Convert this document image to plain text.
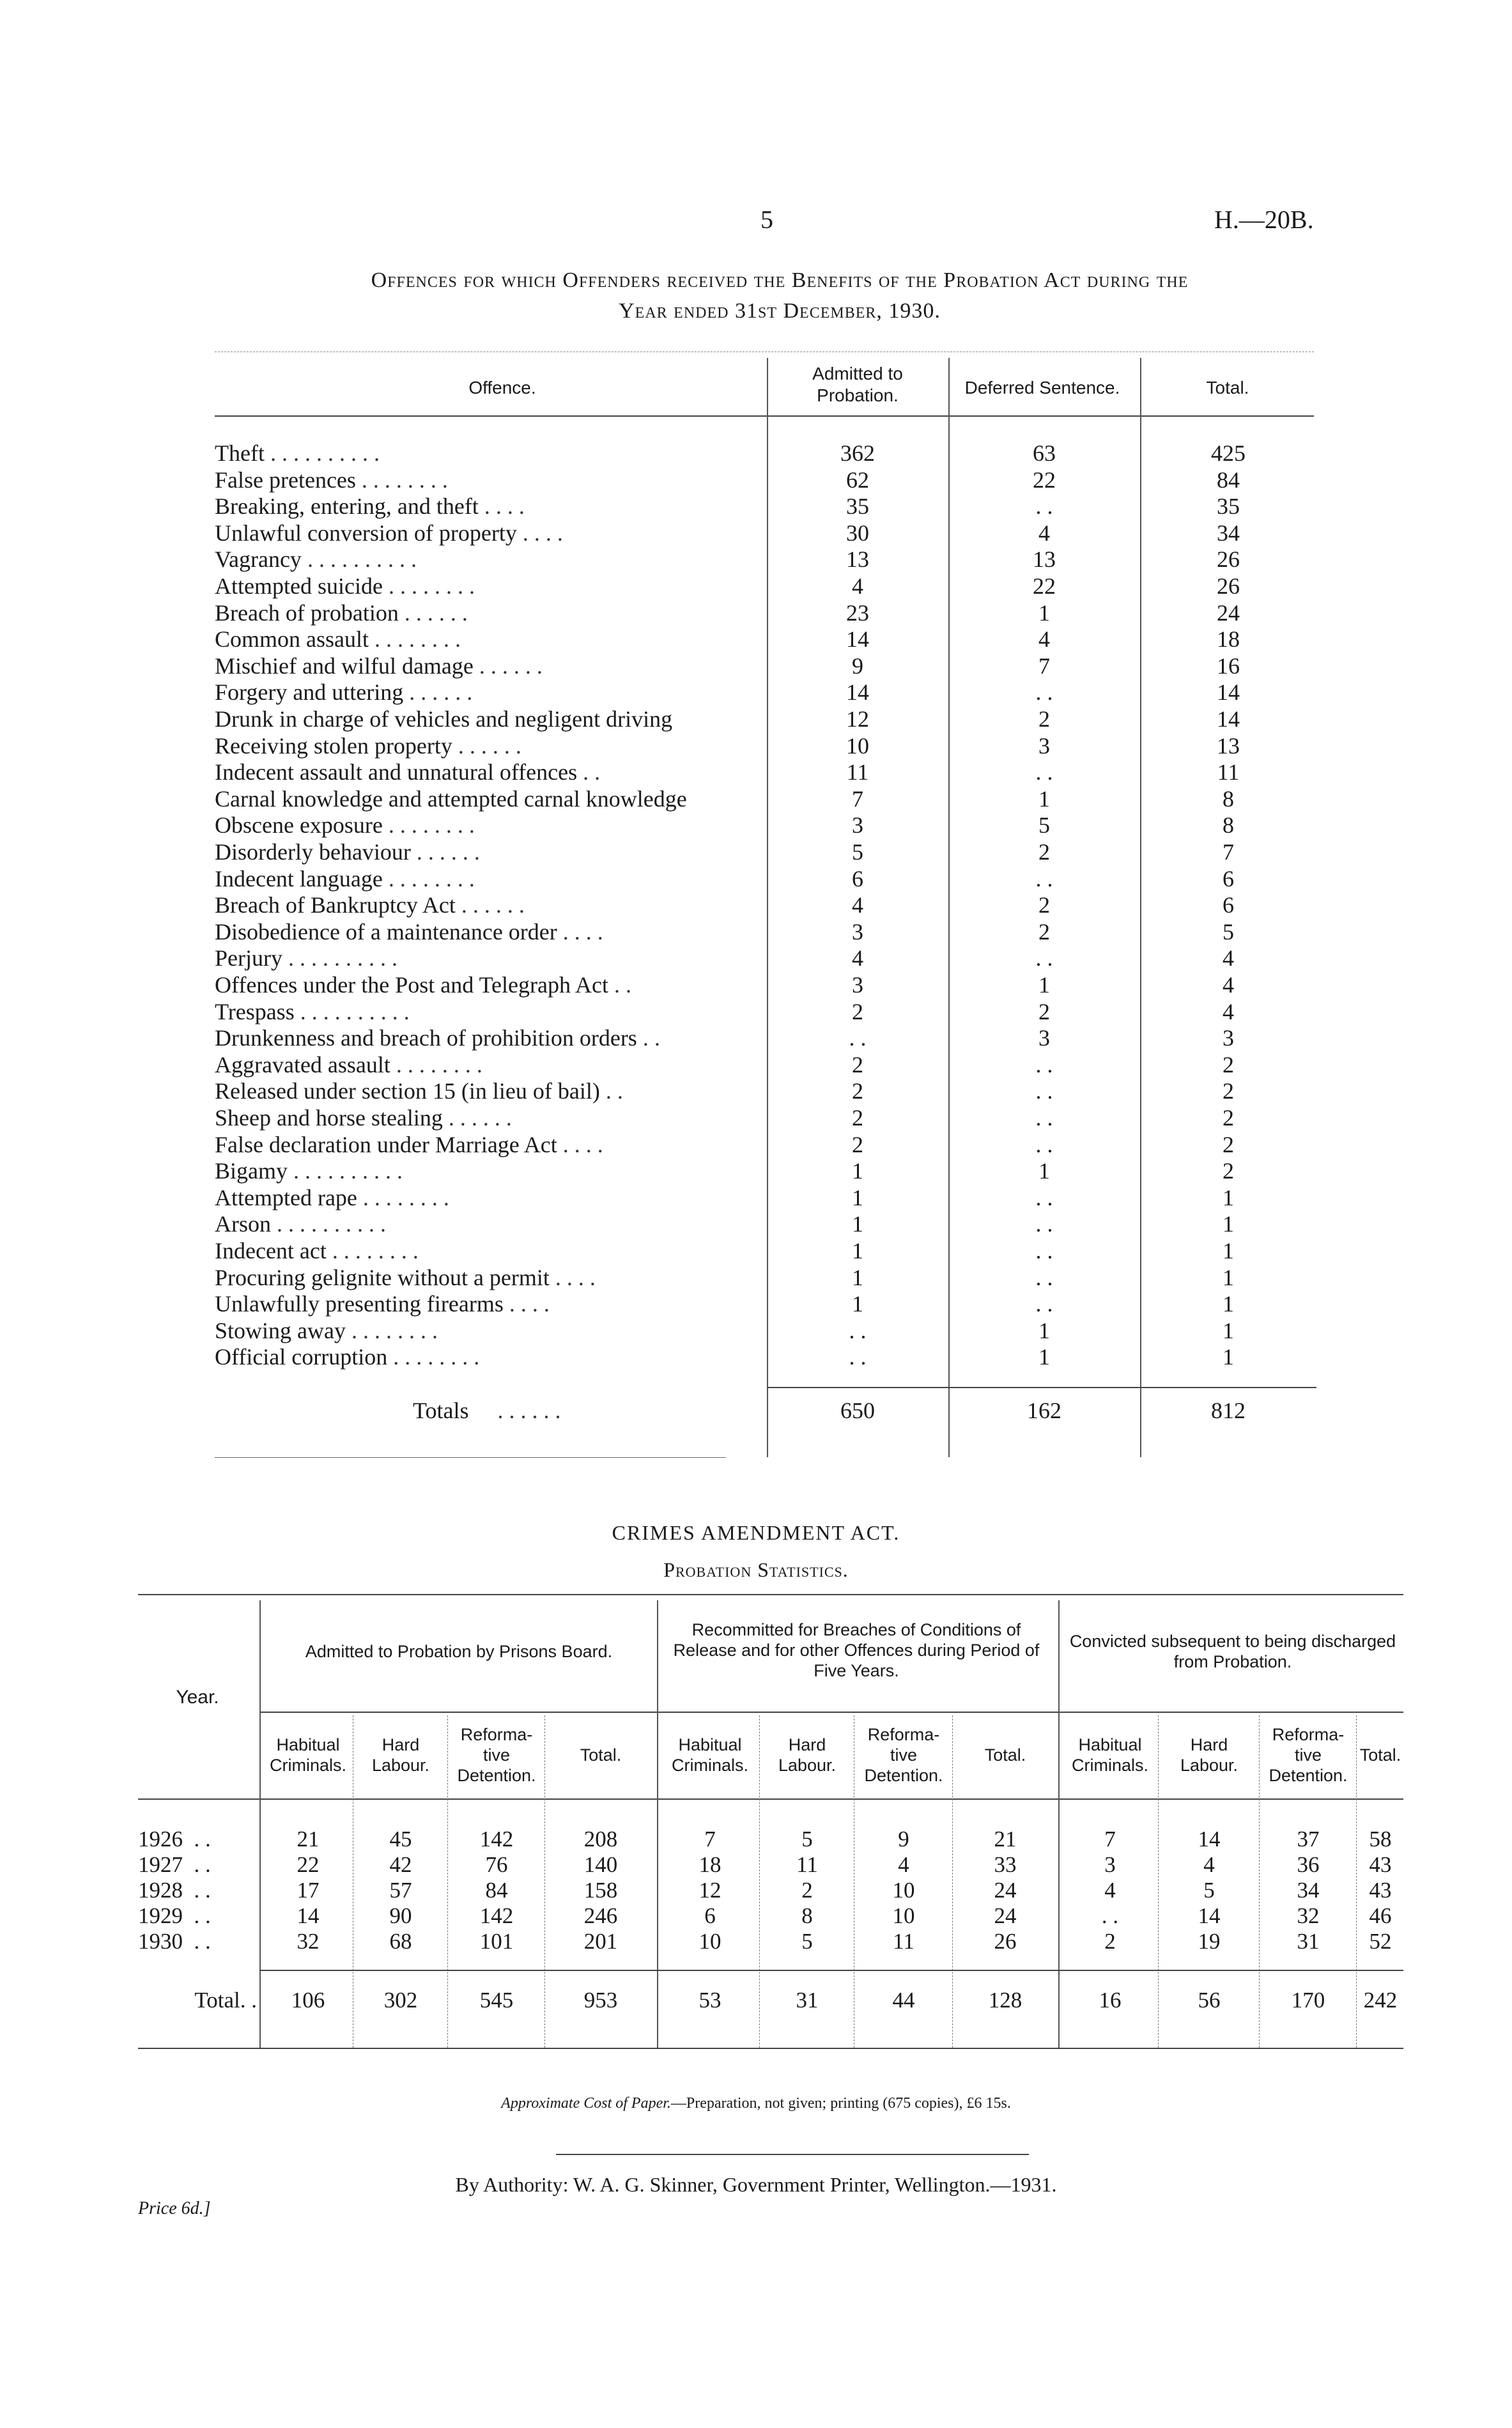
5	H.—20B.
Offences for which Offenders received the Benefits of the Probation Act during the
Year ended 31st December, 1930.
Offence.
Admitted to Probation.	Deferred Sentence.	Total.
Theft . . . . . . . . . .	362	63	425
False pretences . . . . . . . .	62	22	84
Breaking, entering, and theft . . . .	35	. .	35
Unlawful conversion of property . . . .	30	4	34
Vagrancy . . . . . . . . . .	13	13	26
Attempted suicide . . . . . . . .	4	22	26
Breach of probation . . . . . .	23	1	24
Common assault . . . . . . . .	14	4	18
Mischief and wilful damage . . . . . .	9	7	16
Forgery and uttering . . . . . .	14	. .	14
Drunk in charge of vehicles and negligent driving	12	2	14
Receiving stolen property . . . . . .	10	3	13
Indecent assault and unnatural offences . .	11	. .	11
Carnal knowledge and attempted carnal knowledge	7	1	8
Obscene exposure . . . . . . . .	3	5	8
Disorderly behaviour . . . . . .	5	2	7
Indecent language . . . . . . . .	6	. .	6
Breach of Bankruptcy Act . . . . . .	4	2	6
Disobedience of a maintenance order . . . .	3	2	5
Perjury . . . . . . . . . .	4	. .	4
Offences under the Post and Telegraph Act . .	3	1	4
Trespass . . . . . . . . . .	2	2	4
Drunkenness and breach of prohibition orders . .	. .	3	3
Aggravated assault . . . . . . . .	2	. .	2
Released under section 15 (in lieu of bail) . .	2	. .	2
Sheep and horse stealing . . . . . .	2	. .	2
False declaration under Marriage Act . . . .	2	. .	2
Bigamy . . . . . . . . . .	1	1	2
Attempted rape . . . . . . . .	1	. .	1
Arson . . . . . . . . . .	1	. .	1
Indecent act . . . . . . . .	1	. .	1
Procuring gelignite without a permit . . . .	1	. .	1
Unlawfully presenting firearms . . . .	1	. .	1
Stowing away . . . . . . . .	. .	1	1
Official corruption . . . . . . . .	. .	1	1
Totals . . . . . .	650	162	812
CRIMES AMENDMENT ACT.
Probation Statistics.
Year.
Admitted to Probation by Prisons Board.
Recommitted for Breaches of Conditions of Release and for other Offences during Period of Five Years.
Convicted subsequent to being discharged from Probation.
Habitual Criminals.
Hard Labour.
Reforma-tive Detention.
Total.
Habitual Criminals.
Hard Labour.
Reforma-tive Detention.
Total.
Habitual Criminals.
Hard Labour.
Reforma-tive Detention.
Total.
1926  . .	21	45	142	208	7	5	9	21	7	14	37	58
1927  . .	22	42	76	140	18	11	4	33	3	4	36	43
1928  . .	17	57	84	158	12	2	10	24	4	5	34	43
1929  . .	14	90	142	246	6	8	10	24	. .	14	32	46
1930  . .	32	68	101	201	10	5	11	26	2	19	31	52
Total. .	106	302	545	953	53	31	44	128	16	56	170	242
Approximate Cost of Paper.—Preparation, not given; printing (675 copies), £6 15s.
By Authority: W. A. G. Skinner, Government Printer, Wellington.—1931.
Price 6d.]
